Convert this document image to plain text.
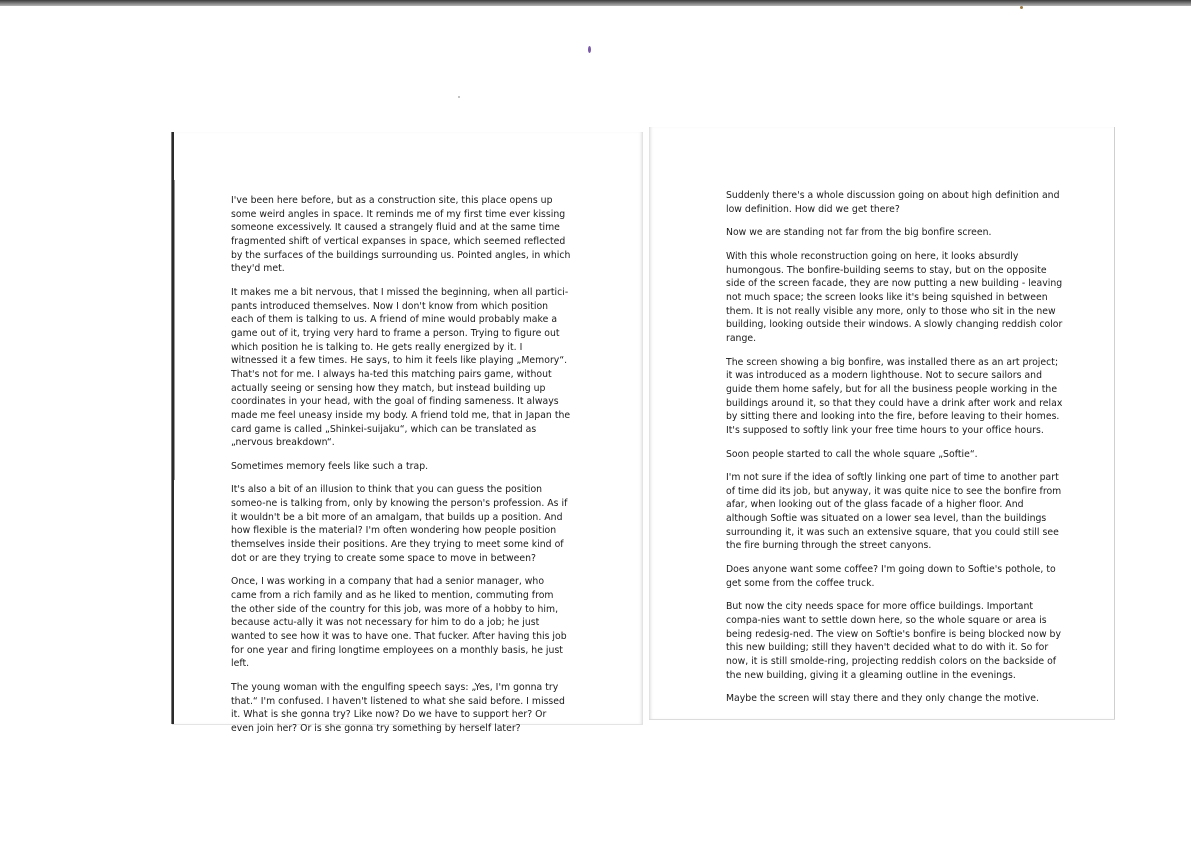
I've been here before, but as a construction site, this place opens up some weird angles in space. It reminds me of my first time ever kissing someone excessively. It caused a strangely fluid and at the same time fragmented shift of vertical expanses in space, which seemed reflected by the surfaces of the buildings surrounding us. Pointed angles, in which they'd met.

It makes me a bit nervous, that I missed the beginning, when all partici-pants introduced themselves. Now I don't know from which position each of them is talking to us. A friend of mine would probably make a game out of it, trying very hard to frame a person. Trying to figure out which position he is talking to. He gets really energized by it. I witnessed it a few times. He says, to him it feels like playing „Memory“. That's not for me. I always ha-ted this matching pairs game, without actually seeing or sensing how they match, but instead building up coordinates in your head, with the goal of finding sameness. It always made me feel uneasy inside my body. A friend told me, that in Japan the card game is called „Shinkei-suijaku“, which can be translated as „nervous breakdown“.

Sometimes memory feels like such a trap.

It's also a bit of an illusion to think that you can guess the position someo-ne is talking from, only by knowing the person's profession. As if it wouldn't be a bit more of an amalgam, that builds up a position. And how flexible is the material? I'm often wondering how people position themselves inside their positions. Are they trying to meet some kind of dot or are they trying to create some space to move in between?

Once, I was working in a company that had a senior manager, who came from a rich family and as he liked to mention, commuting from the other side of the country for this job, was more of a hobby to him, because actu-ally it was not necessary for him to do a job; he just wanted to see how it was to have one. That fucker. After having this job for one year and firing longtime employees on a monthly basis, he just left.

The young woman with the engulfing speech says: „Yes, I'm gonna try that.“ I'm confused. I haven't listened to what she said before. I missed it. What is she gonna try? Like now? Do we have to support her? Or even join her? Or is she gonna try something by herself later?

Suddenly there's a whole discussion going on about high definition and low definition. How did we get there?

Now we are standing not far from the big bonfire screen.

With this whole reconstruction going on here, it looks absurdly humongous. The bonfire-building seems to stay, but on the opposite side of the screen facade, they are now putting a new building - leaving not much space; the screen looks like it's being squished in between them. It is not really visible any more, only to those who sit in the new building, looking outside their windows. A slowly changing reddish color range.

The screen showing a big bonfire, was installed there as an art project; it was introduced as a modern lighthouse. Not to secure sailors and guide them home safely, but for all the business people working in the buildings around it, so that they could have a drink after work and relax by sitting there and looking into the fire, before leaving to their homes. It's supposed to softly link your free time hours to your office hours.

Soon people started to call the whole square „Softie“.

I'm not sure if the idea of softly linking one part of time to another part of time did its job, but anyway, it was quite nice to see the bonfire from afar, when looking out of the glass facade of a higher floor. And although Softie was situated on a lower sea level, than the buildings surrounding it, it was such an extensive square, that you could still see the fire burning through the street canyons.

Does anyone want some coffee? I'm going down to Softie's pothole, to get some from the coffee truck.

But now the city needs space for more office buildings. Important compa-nies want to settle down here, so the whole square or area is being redesig-ned. The view on Softie's bonfire is being blocked now by this new building; still they haven't decided what to do with it. So for now, it is still smolde-ring, projecting reddish colors on the backside of the new building, giving it a gleaming outline in the evenings.

Maybe the screen will stay there and they only change the motive.
